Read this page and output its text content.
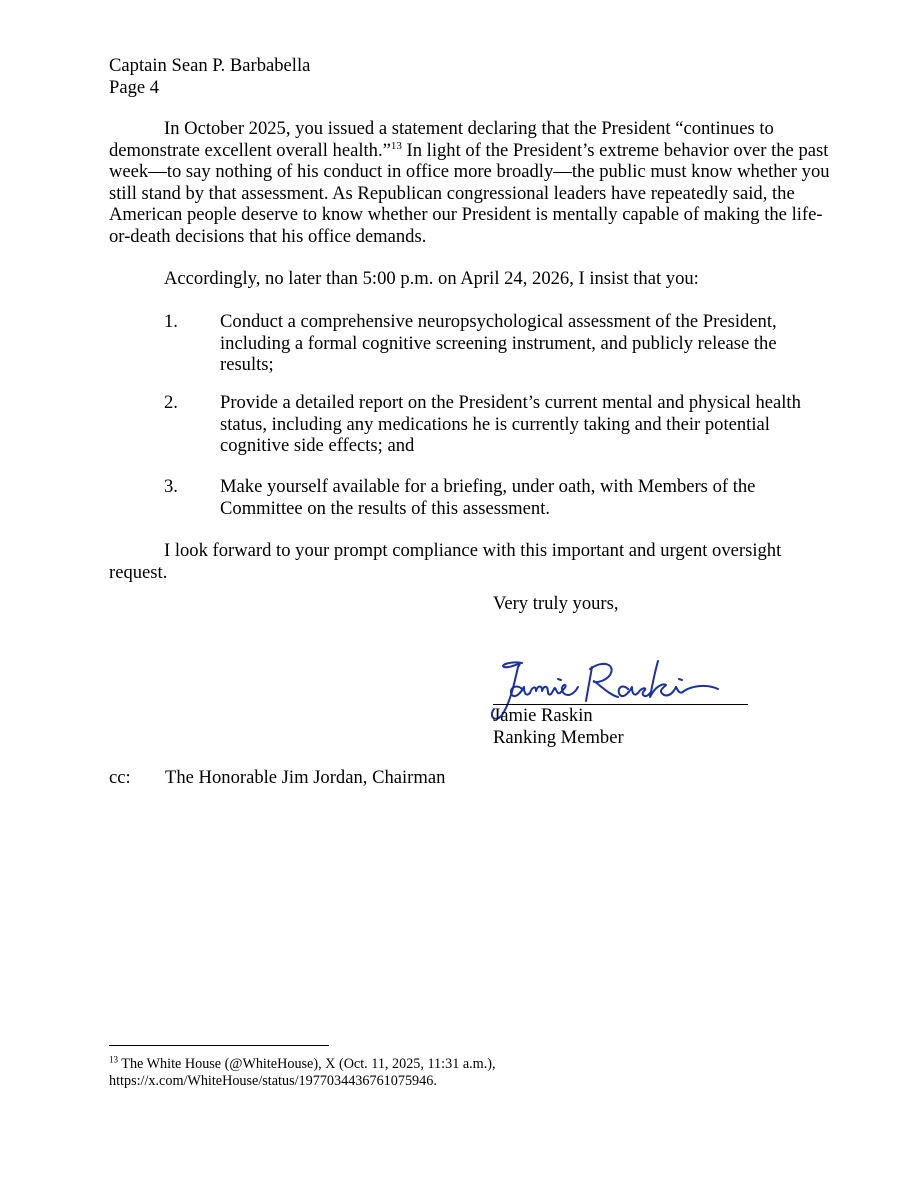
Captain Sean P. Barbabella
Page 4
In October 2025, you issued a statement declaring that the President “continues to
demonstrate excellent overall health.”$^{13}$ In light of the President’s extreme behavior over the past
week—to say nothing of his conduct in office more broadly—the public must know whether you
still stand by that assessment. As Republican congressional leaders have repeatedly said, the
American people deserve to know whether our President is mentally capable of making the life-
or-death decisions that his office demands.
Accordingly, no later than 5:00 p.m. on April 24, 2026, I insist that you:
1. Conduct a comprehensive neuropsychological assessment of the President,
including a formal cognitive screening instrument, and publicly release the
results;
2. Provide a detailed report on the President’s current mental and physical health
status, including any medications he is currently taking and their potential
cognitive side effects; and
3. Make yourself available for a briefing, under oath, with Members of the
Committee on the results of this assessment.
I look forward to your prompt compliance with this important and urgent oversight
request.
Very truly yours,
Jamie Raskin
Ranking Member
cc: The Honorable Jim Jordan, Chairman
$^{13}$ The White House (@WhiteHouse), X (Oct. 11, 2025, 11:31 a.m.),
https://x.com/WhiteHouse/status/1977034436761075946.
